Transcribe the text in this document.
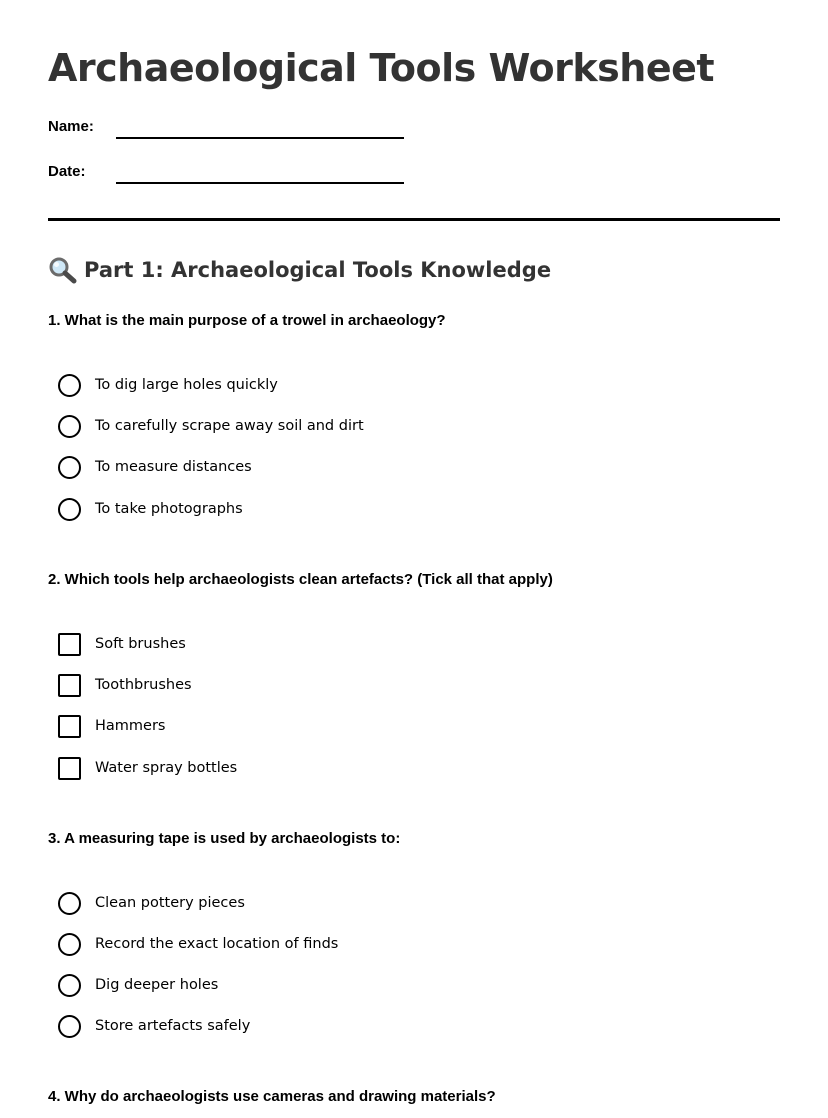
Archaeological Tools Worksheet
Name:
Date:
Part 1: Archaeological Tools Knowledge

1. What is the main purpose of a trowel in archaeology?

To dig large holes quickly
To carefully scrape away soil and dirt
To measure distances
To take photographs

2. Which tools help archaeologists clean artefacts? (Tick all that apply)

Soft brushes
Toothbrushes
Hammers
Water spray bottles

3. A measuring tape is used by archaeologists to:

Clean pottery pieces
Record the exact location of finds
Dig deeper holes
Store artefacts safely

4. Why do archaeologists use cameras and drawing materials?
